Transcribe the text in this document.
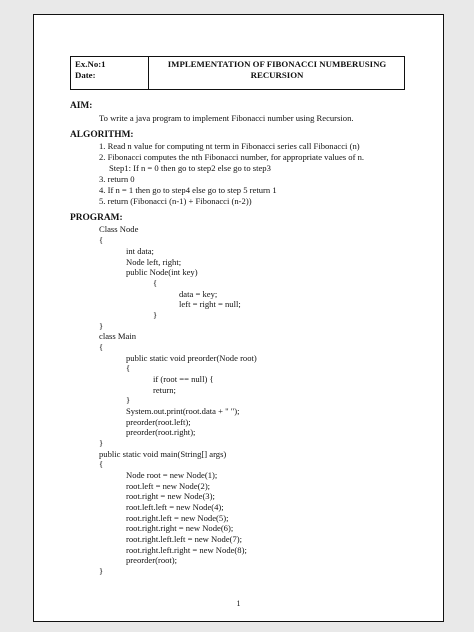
Ex.No:1
Date:
IMPLEMENTATION OF FIBONACCI NUMBERUSING
RECURSION
AIM:
To write a java program to implement Fibonacci number using Recursion.
ALGORITHM:
1. Read n value for computing nt term in Fibonacci series call Fibonacci (n)
2. Fibonacci computes the nth Fibonacci number, for appropriate values of n.
Step1: If n = 0 then go to step2 else go to step3
3. return 0
4. If n = 1 then go to step4 else go to step 5 return 1
5. return (Fibonacci (n-1) + Fibonacci (n-2))
PROGRAM:
Class Node
{
int data;
Node left, right;
public Node(int key)
{
data = key;
left = right = null;
}
}
class Main
{
public static void preorder(Node root)
{
if (root == null) {
return;
}
System.out.print(root.data + " ");
preorder(root.left);
preorder(root.right);
}
public static void main(String[] args)
{
Node root = new Node(1);
root.left = new Node(2);
root.right = new Node(3);
root.left.left = new Node(4);
root.right.left = new Node(5);
root.right.right = new Node(6);
root.right.left.left = new Node(7);
root.right.left.right = new Node(8);
preorder(root);
}
1
